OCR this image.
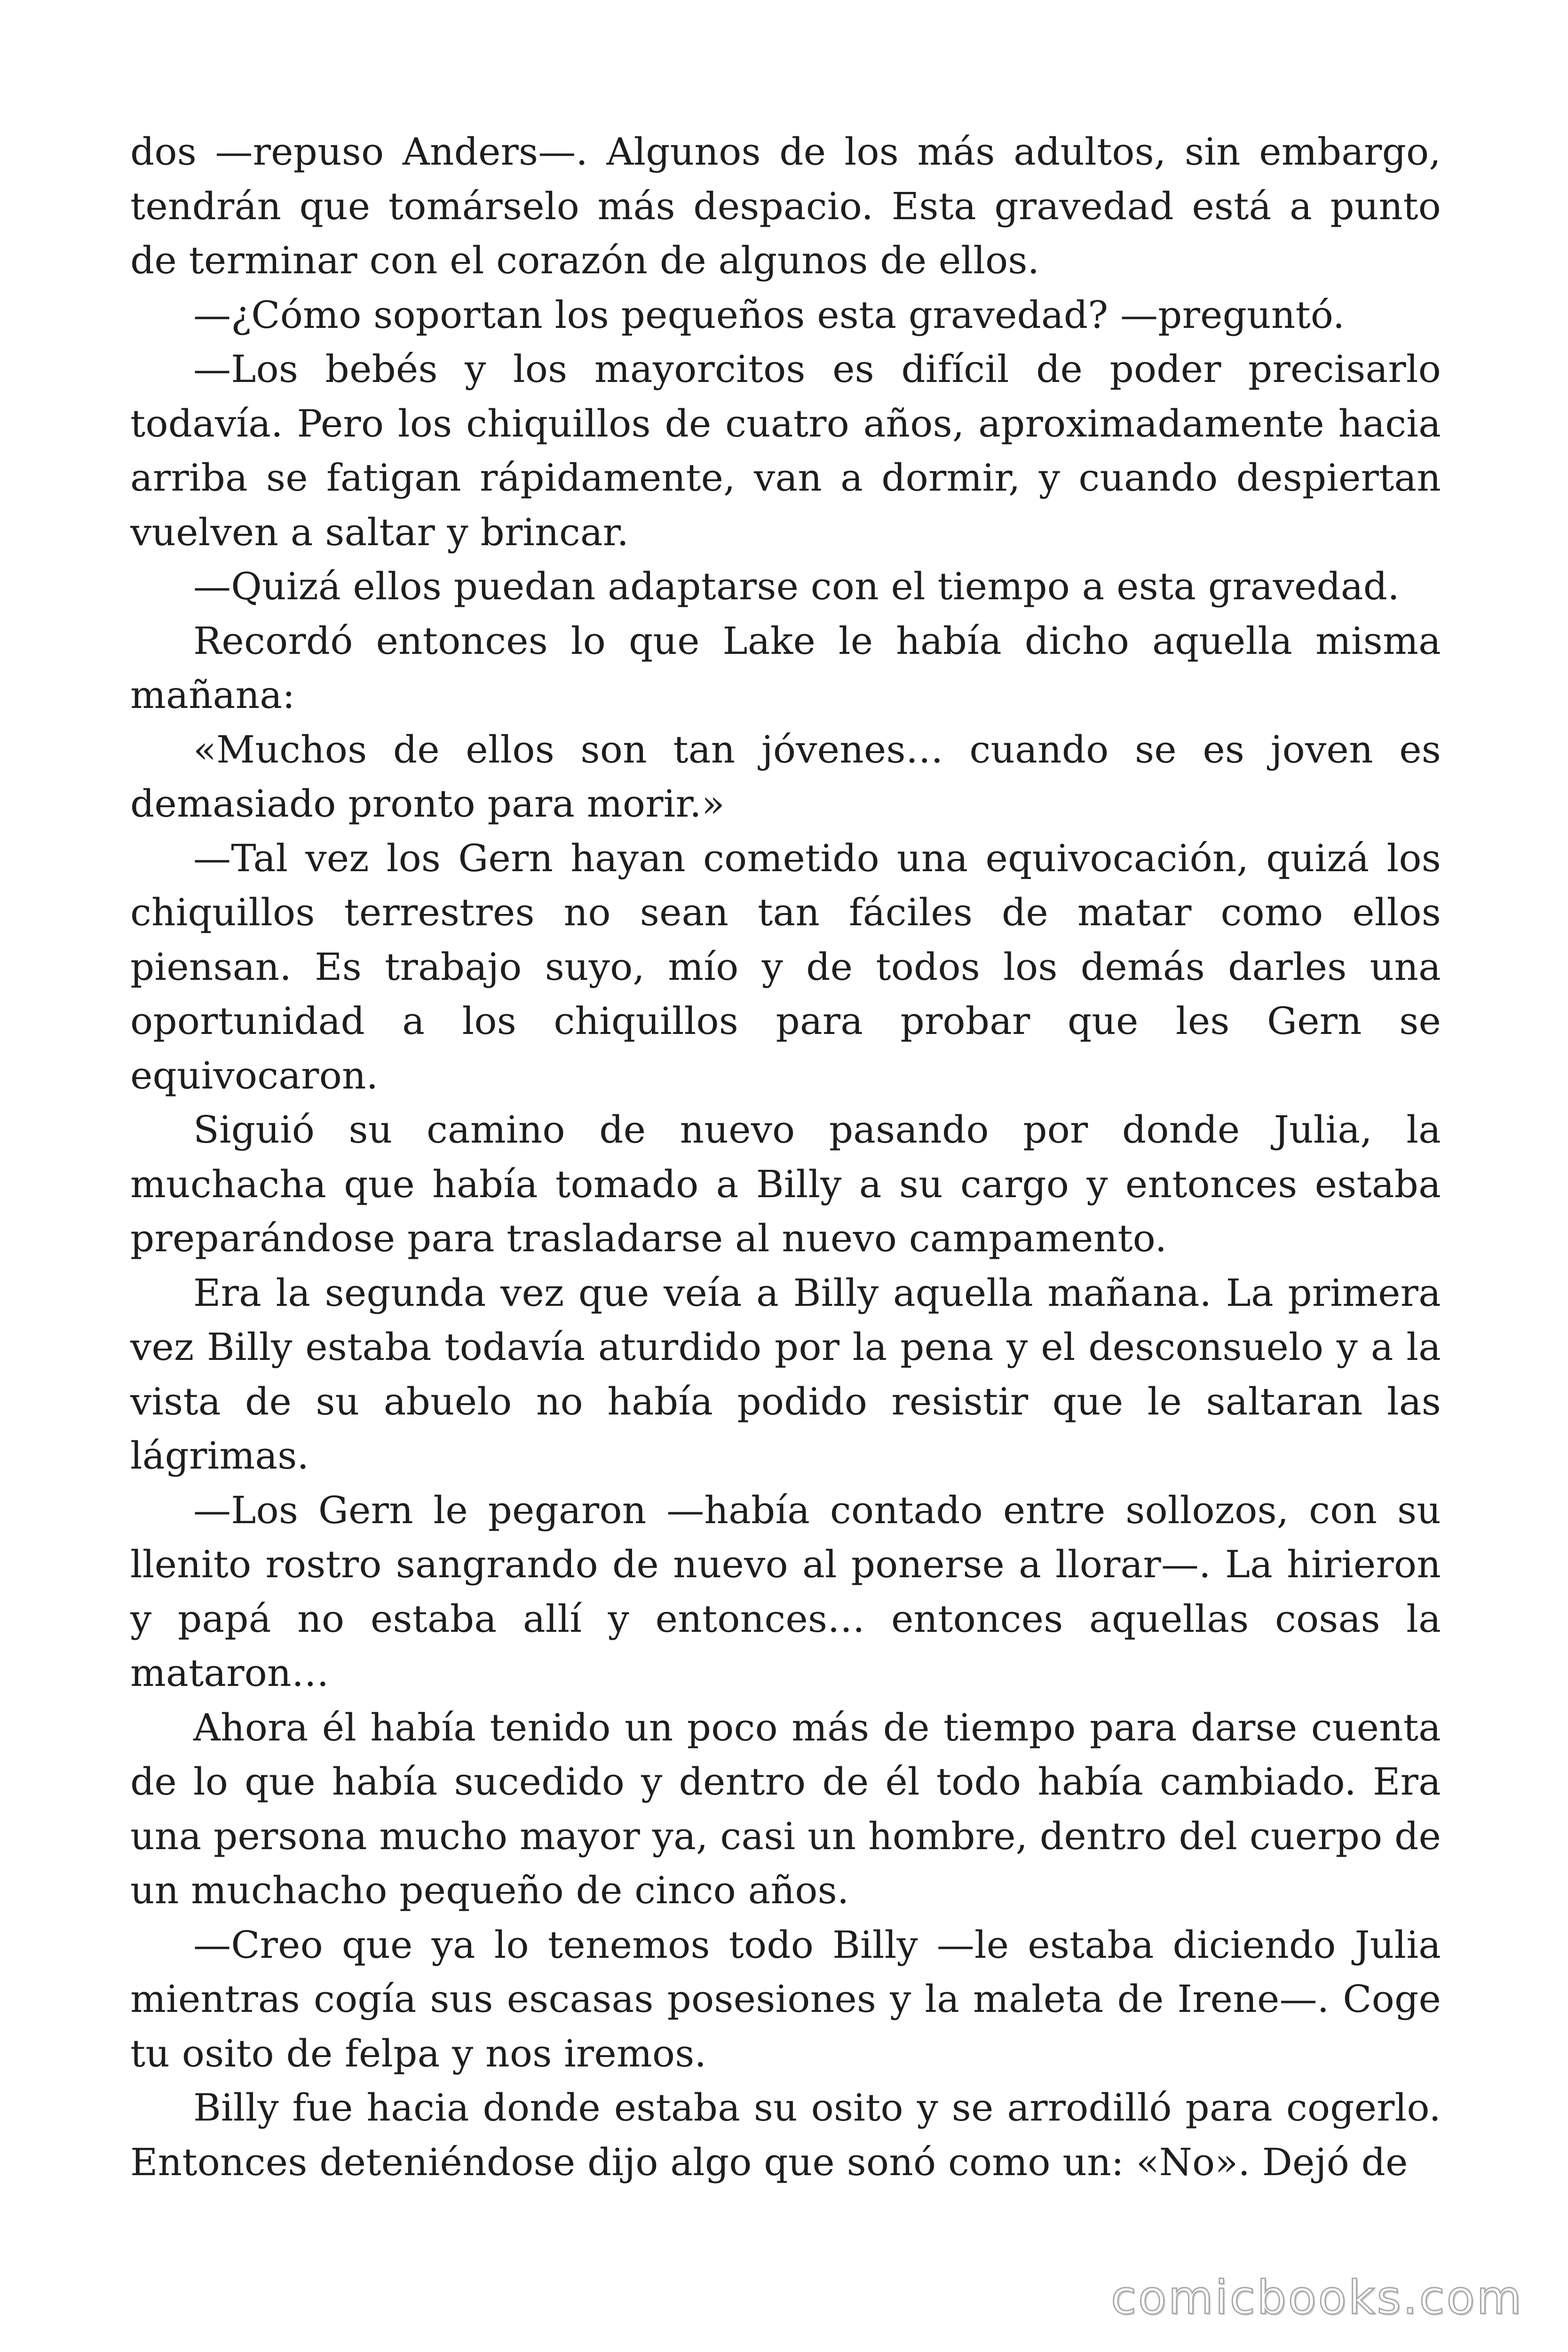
dos —repuso Anders—. Algunos de los más adultos, sin embargo, tendrán que tomárselo más despacio. Esta gravedad está a punto de terminar con el corazón de algunos de ellos.

—¿Cómo soportan los pequeños esta gravedad? —preguntó.

—Los bebés y los mayorcitos es difícil de poder precisarlo todavía. Pero los chiquillos de cuatro años, aproximadamente hacia arriba se fatigan rápidamente, van a dormir, y cuando despiertan vuelven a saltar y brincar.

—Quizá ellos puedan adaptarse con el tiempo a esta gravedad.

Recordó entonces lo que Lake le había dicho aquella misma mañana:

«Muchos de ellos son tan jóvenes… cuando se es joven es demasiado pronto para morir.»

—Tal vez los Gern hayan cometido una equivocación, quizá los chiquillos terrestres no sean tan fáciles de matar como ellos piensan. Es trabajo suyo, mío y de todos los demás darles una oportunidad a los chiquillos para probar que les Gern se equivocaron.

Siguió su camino de nuevo pasando por donde Julia, la muchacha que había tomado a Billy a su cargo y entonces estaba preparándose para trasladarse al nuevo campamento.

Era la segunda vez que veía a Billy aquella mañana. La primera vez Billy estaba todavía aturdido por la pena y el desconsuelo y a la vista de su abuelo no había podido resistir que le saltaran las lágrimas.

—Los Gern le pegaron —había contado entre sollozos, con su llenito rostro sangrando de nuevo al ponerse a llorar—. La hirieron y papá no estaba allí y entonces… entonces aquellas cosas la mataron…

Ahora él había tenido un poco más de tiempo para darse cuenta de lo que había sucedido y dentro de él todo había cambiado. Era una persona mucho mayor ya, casi un hombre, dentro del cuerpo de un muchacho pequeño de cinco años.

—Creo que ya lo tenemos todo Billy —le estaba diciendo Julia mientras cogía sus escasas posesiones y la maleta de Irene—. Coge tu osito de felpa y nos iremos.

Billy fue hacia donde estaba su osito y se arrodilló para cogerlo. Entonces deteniéndose dijo algo que sonó como un: «No». Dejó de

comicbooks.com
